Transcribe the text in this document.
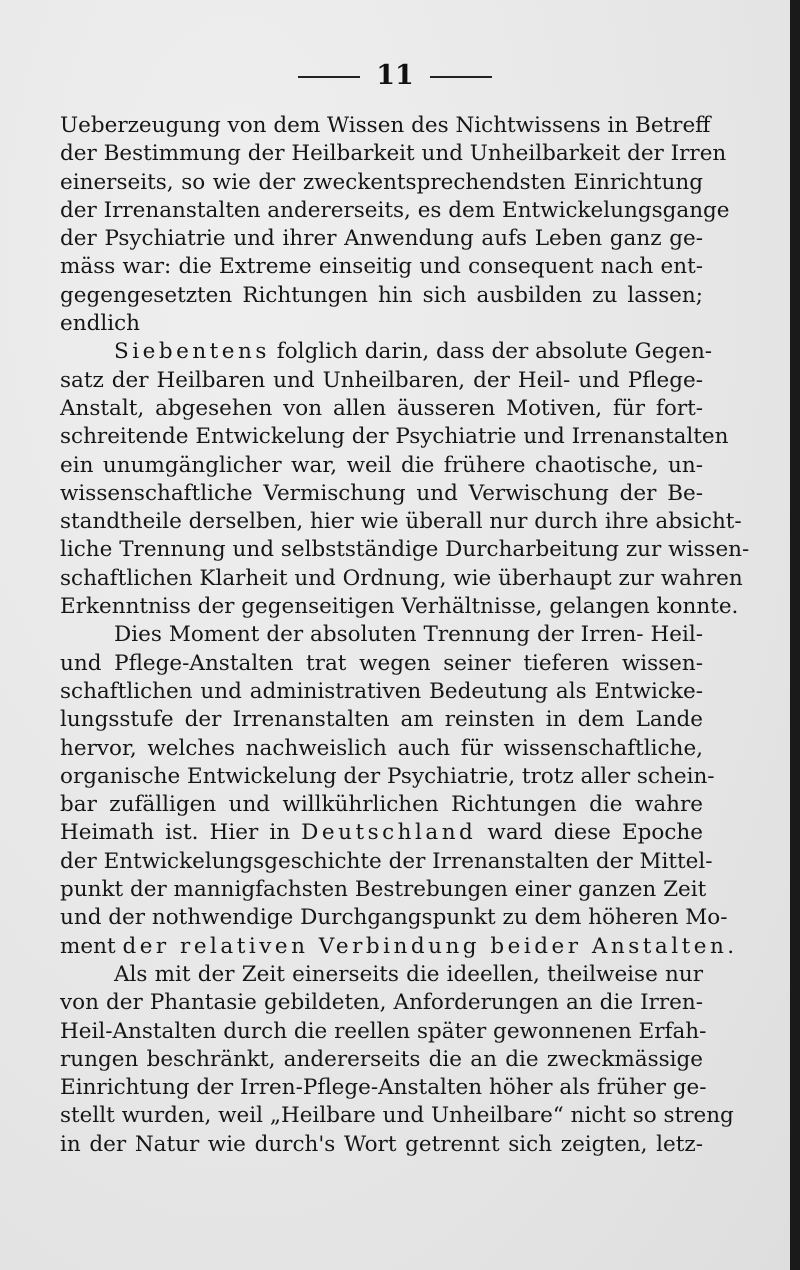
11
Ueberzeugung von dem Wissen des Nichtwissens in Betreff
der Bestimmung der Heilbarkeit und Unheilbarkeit der Irren
einerseits, so wie der zweckentsprechendsten Einrichtung
der Irrenanstalten andererseits, es dem Entwickelungsgange
der Psychiatrie und ihrer Anwendung aufs Leben ganz ge-
mäss war: die Extreme einseitig und consequent nach ent-
gegengesetzten Richtungen hin sich ausbilden zu lassen;
endlich
Siebentens folglich darin, dass der absolute Gegen-
satz der Heilbaren und Unheilbaren, der Heil- und Pflege-
Anstalt, abgesehen von allen äusseren Motiven, für fort-
schreitende Entwickelung der Psychiatrie und Irrenanstalten
ein unumgänglicher war, weil die frühere chaotische, un-
wissenschaftliche Vermischung und Verwischung der Be-
standtheile derselben, hier wie überall nur durch ihre absicht-
liche Trennung und selbstständige Durcharbeitung zur wissen-
schaftlichen Klarheit und Ordnung, wie überhaupt zur wahren
Erkenntniss der gegenseitigen Verhältnisse, gelangen konnte.
Dies Moment der absoluten Trennung der Irren- Heil-
und Pflege-Anstalten trat wegen seiner tieferen wissen-
schaftlichen und administrativen Bedeutung als Entwicke-
lungsstufe der Irrenanstalten am reinsten in dem Lande
hervor, welches nachweislich auch für wissenschaftliche,
organische Entwickelung der Psychiatrie, trotz aller schein-
bar zufälligen und willkührlichen Richtungen die wahre
Heimath ist. Hier in Deutschland ward diese Epoche
der Entwickelungsgeschichte der Irrenanstalten der Mittel-
punkt der mannigfachsten Bestrebungen einer ganzen Zeit
und der nothwendige Durchgangspunkt zu dem höheren Mo-
ment der relativen Verbindung beider Anstalten.
Als mit der Zeit einerseits die ideellen, theilweise nur
von der Phantasie gebildeten, Anforderungen an die Irren-
Heil-Anstalten durch die reellen später gewonnenen Erfah-
rungen beschränkt, andererseits die an die zweckmässige
Einrichtung der Irren-Pflege-Anstalten höher als früher ge-
stellt wurden, weil „Heilbare und Unheilbare“ nicht so streng
in der Natur wie durch's Wort getrennt sich zeigten, letz-
